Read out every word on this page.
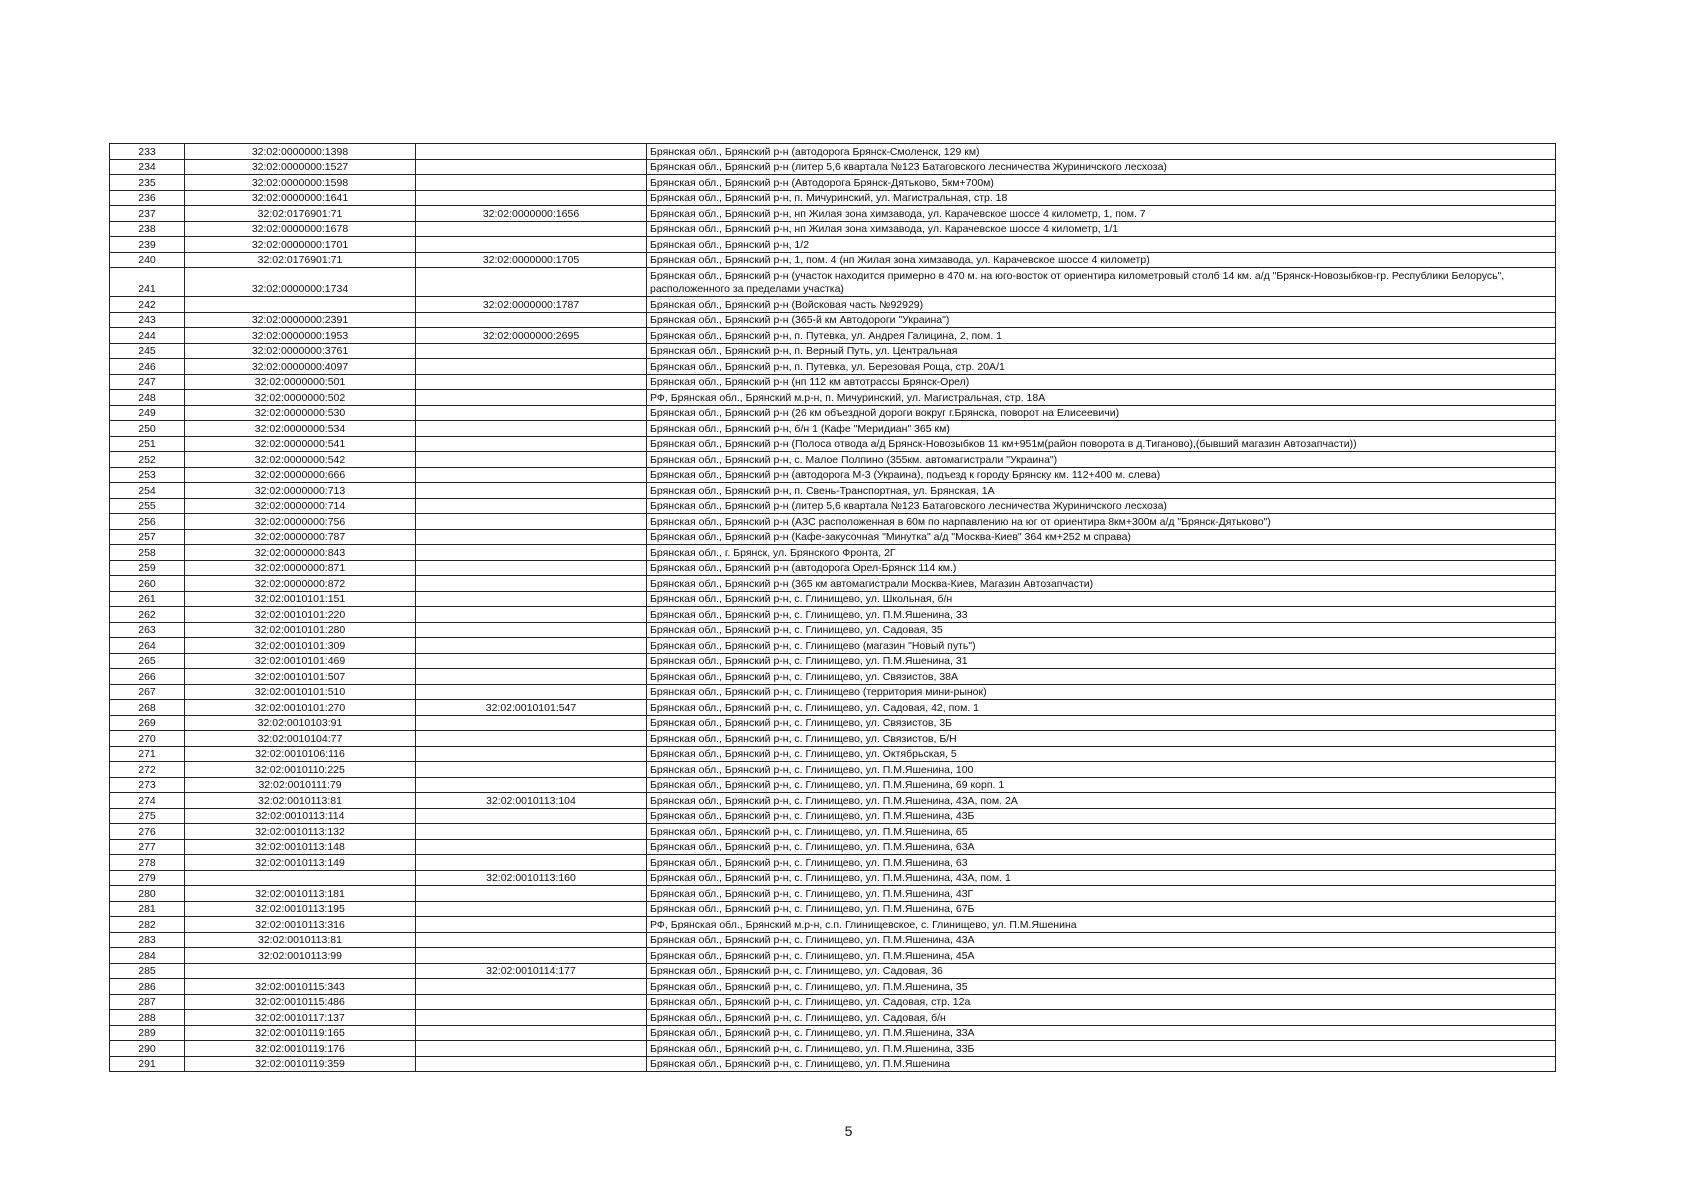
233	32:02:0000000:1398		Брянская обл., Брянский р-н (автодорога Брянск-Смоленск, 129 км)
234	32:02:0000000:1527		Брянская обл., Брянский р-н (литер 5,6 квартала №123 Батаговского лесничества Журиничского лесхоза)
235	32:02:0000000:1598		Брянская обл., Брянский р-н (Автодорога Брянск-Дятьково, 5км+700м)
236	32:02:0000000:1641		Брянская обл., Брянский р-н, п. Мичуринский, ул. Магистральная, стр. 18
237	32:02:0176901:71	32:02:0000000:1656	Брянская обл., Брянский р-н, нп Жилая зона химзавода, ул. Карачевское шоссе 4 километр, 1, пом. 7
238	32:02:0000000:1678		Брянская обл., Брянский р-н, нп Жилая зона химзавода, ул. Карачевское шоссе 4 километр, 1/1
239	32:02:0000000:1701		Брянская обл., Брянский р-н, 1/2
240	32:02:0176901:71	32:02:0000000:1705	Брянская обл., Брянский р-н, 1, пом. 4 (нп Жилая зона химзавода, ул. Карачевское шоссе 4 километр)
241	32:02:0000000:1734		Брянская обл., Брянский р-н (участок находится примерно в 470 м. на юго-восток от ориентира километровый столб 14 км. а/д "Брянск-Новозыбков-гр. Республики Белорусь", расположенного за пределами участка)
242		32:02:0000000:1787	Брянская обл., Брянский р-н (Войсковая часть №92929)
243	32:02:0000000:2391		Брянская обл., Брянский р-н (365-й км Автодороги "Украина")
244	32:02:0000000:1953	32:02:0000000:2695	Брянская обл., Брянский р-н, п. Путевка, ул. Андрея Галицина, 2, пом. 1
245	32:02:0000000:3761		Брянская обл., Брянский р-н, п. Верный Путь, ул. Центральная
246	32:02:0000000:4097		Брянская обл., Брянский р-н, п. Путевка, ул. Березовая Роща, стр. 20А/1
247	32:02:0000000:501		Брянская обл., Брянский р-н (нп 112 км автотрассы Брянск-Орел)
248	32:02:0000000:502		РФ, Брянская обл., Брянский м.р-н, п. Мичуринский, ул. Магистральная, стр. 18А
249	32:02:0000000:530		Брянская обл., Брянский р-н (26 км объездной дороги вокруг г.Брянска, поворот на Елисеевичи)
250	32:02:0000000:534		Брянская обл., Брянский р-н, б/н 1 (Кафе "Меридиан" 365 км)
251	32:02:0000000:541		Брянская обл., Брянский р-н (Полоса отвода а/д Брянск-Новозыбков 11 км+951м(район поворота в д.Тиганово),(бывший магазин Автозапчасти))
252	32:02:0000000:542		Брянская обл., Брянский р-н, с. Малое Полпино (355км. автомагистрали "Украина")
253	32:02:0000000:666		Брянская обл., Брянский р-н (автодорога М-3 (Украина), подъезд к городу Брянску км. 112+400 м. слева)
254	32:02:0000000:713		Брянская обл., Брянский р-н, п. Свень-Транспортная, ул. Брянская, 1А
255	32:02:0000000:714		Брянская обл., Брянский р-н (литер 5,6 квартала №123 Батаговского лесничества Журиничского лесхоза)
256	32:02:0000000:756		Брянская обл., Брянский р-н (АЗС расположенная в 60м по нарпавлению на юг от ориентира 8км+300м а/д "Брянск-Дятьково")
257	32:02:0000000:787		Брянская обл., Брянский р-н (Кафе-закусочная "Минутка" а/д "Москва-Киев" 364 км+252 м справа)
258	32:02:0000000:843		Брянская обл., г. Брянск, ул. Брянского Фронта, 2Г
259	32:02:0000000:871		Брянская обл., Брянский р-н (автодорога Орел-Брянск 114 км.)
260	32:02:0000000:872		Брянская обл., Брянский р-н (365 км автомагистрали Москва-Киев, Магазин Автозапчасти)
261	32:02:0010101:151		Брянская обл., Брянский р-н, с. Глинищево, ул. Школьная, б/н
262	32:02:0010101:220		Брянская обл., Брянский р-н, с. Глинищево, ул. П.М.Яшенина, 33
263	32:02:0010101:280		Брянская обл., Брянский р-н, с. Глинищево, ул. Садовая, 35
264	32:02:0010101:309		Брянская обл., Брянский р-н, с. Глинищево (магазин "Новый путь")
265	32:02:0010101:469		Брянская обл., Брянский р-н, с. Глинищево, ул. П.М.Яшенина, 31
266	32:02:0010101:507		Брянская обл., Брянский р-н, с. Глинищево, ул. Связистов, 38А
267	32:02:0010101:510		Брянская обл., Брянский р-н, с. Глинищево (территория мини-рынок)
268	32:02:0010101:270	32:02:0010101:547	Брянская обл., Брянский р-н, с. Глинищево, ул. Садовая, 42, пом. 1
269	32:02:0010103:91		Брянская обл., Брянский р-н, с. Глинищево, ул. Связистов, 3Б
270	32:02:0010104:77		Брянская обл., Брянский р-н, с. Глинищево, ул. Связистов, Б/Н
271	32:02:0010106:116		Брянская обл., Брянский р-н, с. Глинищево, ул. Октябрьская, 5
272	32:02:0010110:225		Брянская обл., Брянский р-н, с. Глинищево, ул. П.М.Яшенина, 100
273	32:02:0010111:79		Брянская обл., Брянский р-н, с. Глинищево, ул. П.М.Яшенина, 69 корп. 1
274	32:02:0010113:81	32:02:0010113:104	Брянская обл., Брянский р-н, с. Глинищево, ул. П.М.Яшенина, 43А, пом. 2А
275	32:02:0010113:114		Брянская обл., Брянский р-н, с. Глинищево, ул. П.М.Яшенина, 43Б
276	32:02:0010113:132		Брянская обл., Брянский р-н, с. Глинищево, ул. П.М.Яшенина, 65
277	32:02:0010113:148		Брянская обл., Брянский р-н, с. Глинищево, ул. П.М.Яшенина, 63А
278	32:02:0010113:149		Брянская обл., Брянский р-н, с. Глинищево, ул. П.М.Яшенина, 63
279		32:02:0010113:160	Брянская обл., Брянский р-н, с. Глинищево, ул. П.М.Яшенина, 43А, пом. 1
280	32:02:0010113:181		Брянская обл., Брянский р-н, с. Глинищево, ул. П.М.Яшенина, 43Г
281	32:02:0010113:195		Брянская обл., Брянский р-н, с. Глинищево, ул. П.М.Яшенина, 67Б
282	32:02:0010113:316		РФ, Брянская обл., Брянский м.р-н, с.п. Глинищевское, с. Глинищево, ул. П.М.Яшенина
283	32:02:0010113:81		Брянская обл., Брянский р-н, с. Глинищево, ул. П.М.Яшенина, 43А
284	32:02:0010113:99		Брянская обл., Брянский р-н, с. Глинищево, ул. П.М.Яшенина, 45А
285		32:02:0010114:177	Брянская обл., Брянский р-н, с. Глинищево, ул. Садовая, 36
286	32:02:0010115:343		Брянская обл., Брянский р-н, с. Глинищево, ул. П.М.Яшенина, 35
287	32:02:0010115:486		Брянская обл., Брянский р-н, с. Глинищево, ул. Садовая, стр. 12а
288	32:02:0010117:137		Брянская обл., Брянский р-н, с. Глинищево, ул. Садовая, б/н
289	32:02:0010119:165		Брянская обл., Брянский р-н, с. Глинищево, ул. П.М.Яшенина, 33А
290	32:02:0010119:176		Брянская обл., Брянский р-н, с. Глинищево, ул. П.М.Яшенина, 33Б
291	32:02:0010119:359		Брянская обл., Брянский р-н, с. Глинищево, ул. П.М.Яшенина
5
